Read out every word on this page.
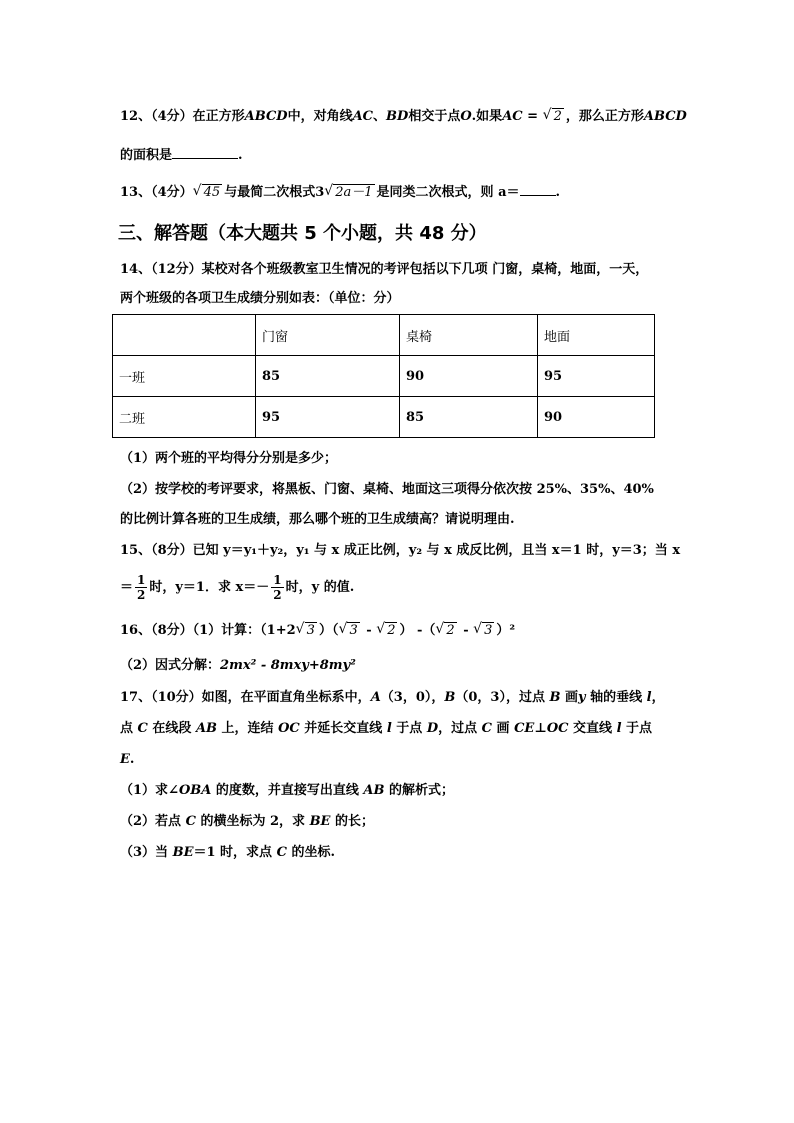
12、（4分）在正方形ABCD中，对角线AC、BD相交于点O.如果AC = √ 2 ，那么正方形ABCD
的面积是	.
13、（4分） √ 45 与最简二次根式3 √ 2a－1 是同类二次根式，则 a＝	.
三、解答题（本大题共 5 个小题，共 48 分）
14、（12分）某校对各个班级教室卫生情况的考评包括以下几项 门窗，桌椅，地面，一天，
两个班级的各项卫生成绩分别如表：（单位：分）
	门窗	桌椅	地面
一班	85	90	95
二班	95	85	90
（1）两个班的平均得分分别是多少；
（2）按学校的考评要求，将黑板、门窗、桌椅、地面这三项得分依次按 25%、35%、40%
的比例计算各班的卫生成绩，那么哪个班的卫生成绩高？请说明理由.
15、（8分）已知 y＝y₁＋y₂，y₁ 与 x 成正比例，y₂ 与 x 成反比例，且当 x＝1 时，y＝3；当 x
＝ $\frac{1}{2}$ 时，y＝1．求 $x=- \frac{1}{2}$ 时，y 的值.
16、（8分）（1）计算：（1+2 √ 3 ）（ √ 3 - √ 2 ） -（ √ 2 - √ 3 ）²
（2）因式分解：2mx² - 8mxy+8my²
17、（10分）如图，在平面直角坐标系中，A（3，0），B（0，3），过点 B 画y 轴的垂线 l，
点 C 在线段 AB 上，连结 OC 并延长交直线 l 于点 D，过点 C 画 CE⊥OC 交直线 l 于点
E.
（1）求∠OBA 的度数，并直接写出直线 AB 的解析式；
（2）若点 C 的横坐标为 2，求 BE 的长；
（3）当 BE＝1 时，求点 C 的坐标.
